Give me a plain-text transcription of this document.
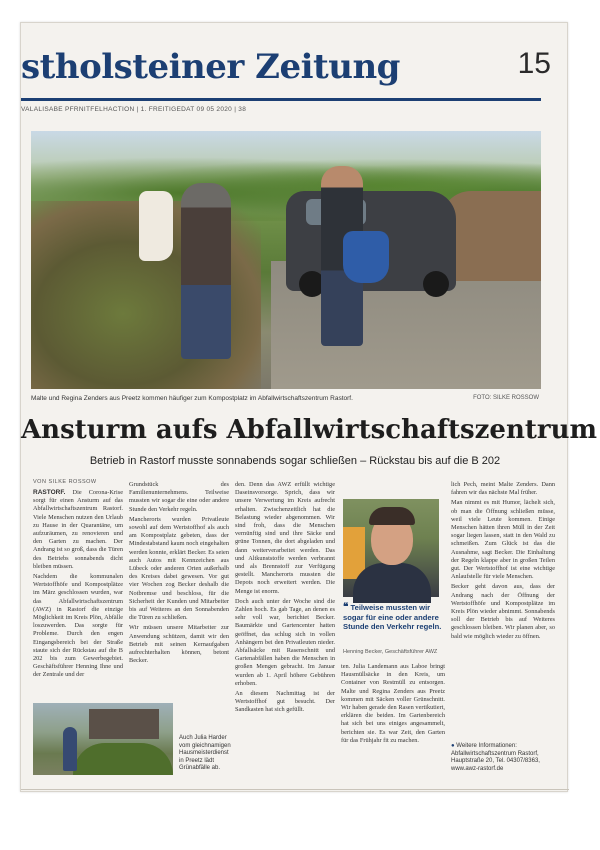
stholsteiner Zeitung	15
VALALISABE PFRNITFELHACTION | 1. FREITIGEDAT 09 05 2020 | 38
Malte und Regina Zenders aus Preetz kommen häufiger zum Kompostplatz im Abfallwirtschaftszentrum Rastorf.	FOTO: SILKE ROSSOW
Ansturm aufs Abfallwirtschaftszentrum
Betrieb in Rastorf musste sonnabends sogar schließen – Rückstau bis auf die B 202
VON SILKE ROSSOW

RASTORF. Die Corona-Krise sorgt für einen Ansturm auf das Abfallwirtschaftszentrum Rastorf. Viele Menschen nutzen den Urlaub zu Hause in der Quarantäne, um aufzuräumen, zu renovieren und den Garten zu machen. Der Andrang ist so groß, dass die Türen des Betriebs sonnabends dicht bleiben müssen.

Nachdem die kommunalen Wertstoffhöfe und Kompostplätze im März geschlossen wurden, war das Abfallwirtschaftszentrum (AWZ) in Rastorf die einzige Möglichkeit im Kreis Plön, Abfälle loszuwerden. Das sorgte für Probleme. Durch den engen Eingangsbereich bei der Straße staute sich der Rückstau auf die B 202 bis zum Gewerbegebiet. Geschäftsführer Henning Ihne und der Zentrale und der

Grundstück des Familienunternehmens. Teilweise mussten wir sogar die eine oder andere Stunde den Verkehr regeln.

Mancherorts wurden Privatleute sowohl auf dem Wertstoffhof als auch am Kompostplatz gebeten, dass der Mindestabstand kaum noch eingehalten werden konnte, erklärt Becker. Es seien auch Autos mit Kennzeichen aus Lübeck oder anderen Orten außerhalb des Kreises dabei gewesen. Vor gut vier Wochen zog Becker deshalb die Notbremse und beschloss, für die Sicherheit der Kunden und Mitarbeiter bis auf Weiteres an den Sonnabenden die Türen zu schließen.

Wir müssen unsere Mitarbeiter zur Anwendung schützen, damit wir den Betrieb mit seinen Kernaufgaben aufrechterhalten können, betont Becker.

den. Denn das AWZ erfüllt wichtige Daseinsvorsorge. Sprich, dass wir unsere Verwertung im Kreis aufrecht erhalten. Zwischenzeitlich hat die Belastung wieder abgenommen. Wir sind froh, dass die Menschen vernünftig sind und ihre Säcke und grüne Tonnen, die dort abgeladen und dann weiterverarbeitet werden. Das und Altkunststoffe werden verbrannt und als Brennstoff zur Verfügung gestellt. Mancherorts mussten die Depots noch erweitert werden. Die Menge ist enorm.

Doch auch unter der Woche sind die Zahlen hoch. Es gab Tage, an denen es sehr voll war, berichtet Becker. Baumärkte und Gartencenter hatten geöffnet, das schlug sich in vollen Anhängern bei den Privatleuten nieder. Abfallsäcke mit Rasenschnitt und Gartenabfällen haben die Menschen in großen Mengen gebracht. Im Januar wurden ab 1. April höhere Gebühren erhoben.

An diesem Nachmittag ist der Wertstoffhof gut besucht. Der Sandkasten hat sich gefüllt.

❝ Teilweise mussten wir sogar für eine oder andere Stunde den Verkehr regeln.
Henning Becker, Geschäftsführer AWZ

ten. Julia Landemann aus Laboe bringt Hausmüllsäcke in den Kreis, um Container von Restmüll zu entsorgen. Malte und Regina Zenders aus Preetz kommen mit Säcken voller Grünschnitt. Wir haben gerade den Rasen vertikutiert, erklären die beiden. Im Gartenbereich hat sich bei uns einiges angesammelt, berichten sie. Es war Zeit, den Garten für das Frühjahr fit zu machen.

lich Pech, meint Malte Zenders. Dann fahren wir das nächste Mal früher.

Man nimmt es mit Humor, lächelt sich, ob man die Öffnung schließen müsse, weil viele Leute kommen. Einige Menschen hätten ihren Müll in der Zeit sogar liegen lassen, statt in den Wald zu schmeißen. Zum Glück ist das die Ausnahme, sagt Becker. Die Einhaltung der Regeln klappe aber in großen Teilen gut. Der Wertstoffhof ist eine wichtige Anlaufstelle für viele Menschen.

Becker geht davon aus, dass der Andrang nach der Öffnung der Wertstoffhöfe und Kompostplätze im Kreis Plön wieder abnimmt. Sonnabends soll der Betrieb bis auf Weiteres geschlossen bleiben. Wir planen aber, so bald wie möglich wieder zu öffnen.

Auch Julia Harder vom gleichnamigen Hausmeisterdienst in Preetz lädt Grünabfälle ab.
● Weitere Informationen: Abfallwirtschaftszentrum Rastorf, Hauptstraße 20, Tel. 04307/8363, www.awz-rastorf.de
